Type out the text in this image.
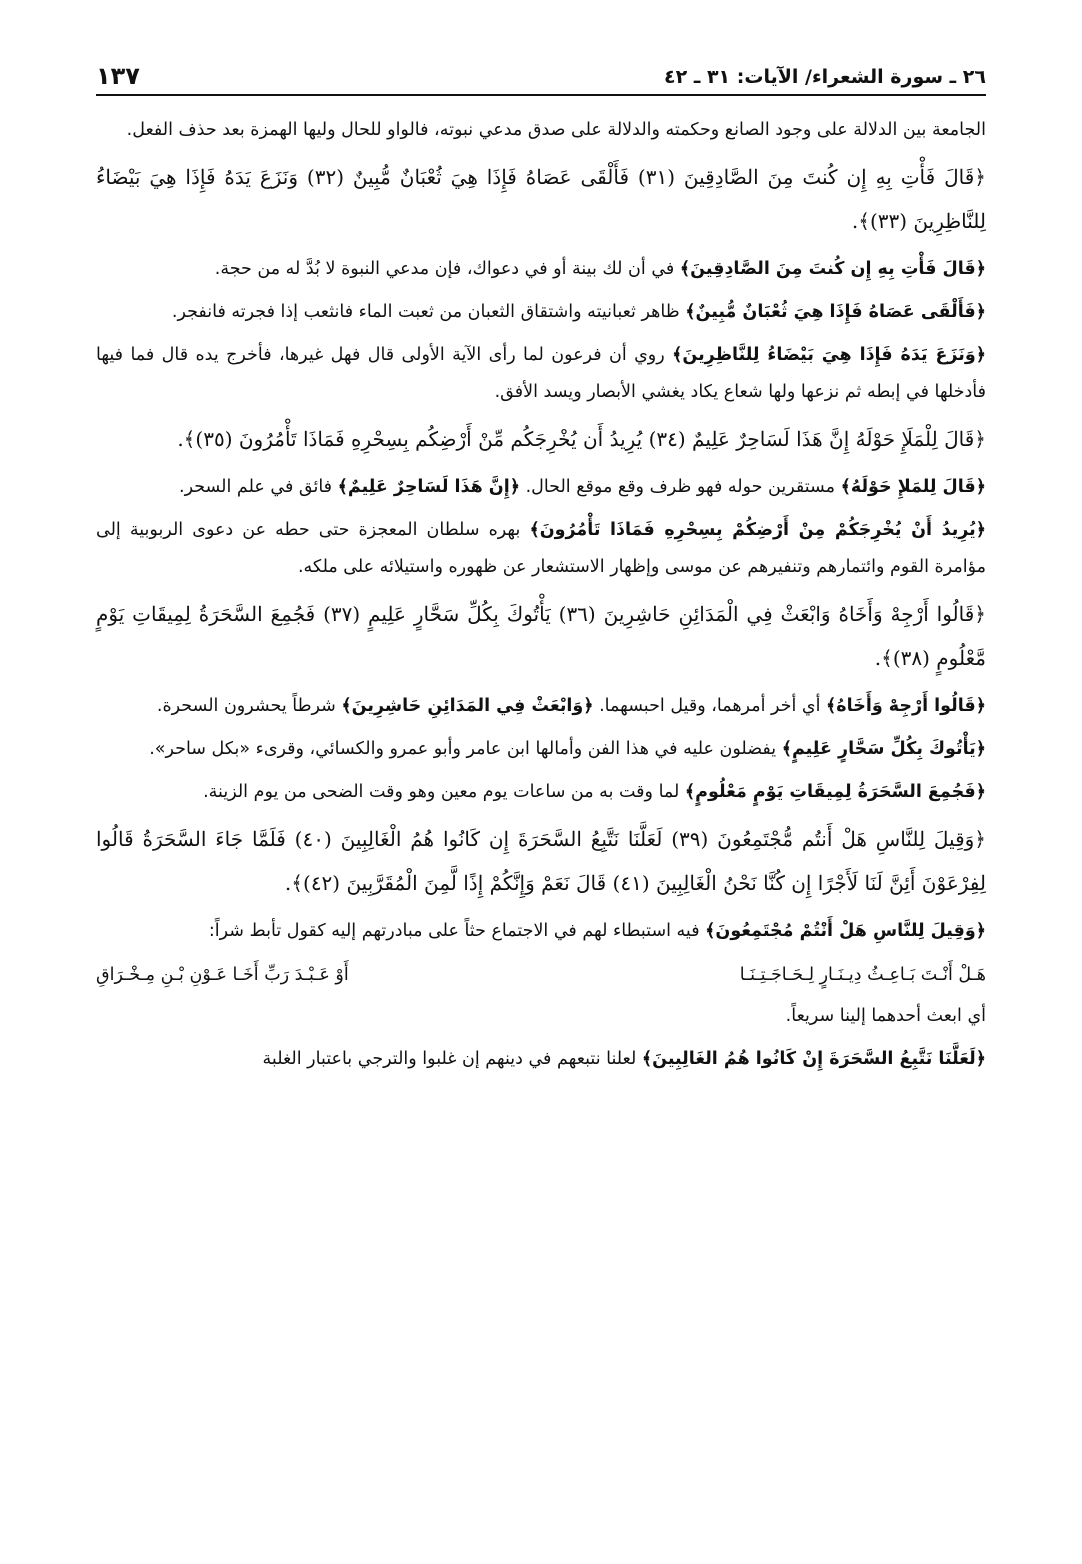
٢٦ ـ سورة الشعراء/ الآيات: ٣١ ـ ٤٢
١٣٧

الجامعة بين الدلالة على وجود الصانع وحكمته والدلالة على صدق مدعي نبوته، فالواو للحال وليها الهمزة بعد حذف الفعل.

﴿قَالَ فَأْتِ بِهِ إِن كُنتَ مِنَ الصَّادِقِينَ (٣١) فَأَلْقَى عَصَاهُ فَإِذَا هِيَ ثُعْبَانٌ مُّبِينٌ (٣٢) وَنَزَعَ يَدَهُ فَإِذَا هِيَ بَيْضَاءُ لِلنَّاظِرِينَ (٣٣)﴾.

﴿قَالَ فَأْتِ بِهِ إِن كُنتَ مِنَ الصَّادِقِينَ﴾ في أن لك بينة أو في دعواك، فإن مدعي النبوة لا بُدَّ له من حجة.

﴿فَأَلْقَى عَصَاهُ فَإِذَا هِيَ ثُعْبَانٌ مُّبِينٌ﴾ ظاهر ثعبانيته واشتقاق الثعبان من ثعبت الماء فانثعب إذا فجرته فانفجر.

﴿وَنَزَعَ يَدَهُ فَإِذَا هِيَ بَيْضَاءُ لِلنَّاظِرِينَ﴾ روي أن فرعون لما رأى الآية الأولى قال فهل غيرها، فأخرج يده قال فما فيها فأدخلها في إبطه ثم نزعها ولها شعاع يكاد يغشي الأبصار ويسد الأفق.

﴿قَالَ لِلْمَلَإِ حَوْلَهُ إِنَّ هَذَا لَسَاحِرٌ عَلِيمٌ (٣٤) يُرِيدُ أَن يُخْرِجَكُم مِّنْ أَرْضِكُم بِسِحْرِهِ فَمَاذَا تَأْمُرُونَ (٣٥)﴾.

﴿قَالَ لِلمَلإِ حَوْلَهُ﴾ مستقرين حوله فهو ظرف وقع موقع الحال. ﴿إِنَّ هَذَا لَسَاحِرٌ عَلِيمٌ﴾ فائق في علم السحر.

﴿يُرِيدُ أَنْ يُخْرِجَكُمْ مِنْ أَرْضِكُمْ بِسِحْرِهِ فَمَاذَا تَأْمُرُونَ﴾ بهره سلطان المعجزة حتى حطه عن دعوى الربوبية إلى مؤامرة القوم وائتمارهم وتنفيرهم عن موسى وإظهار الاستشعار عن ظهوره واستيلائه على ملكه.

﴿قَالُوا أَرْجِهْ وَأَخَاهُ وَابْعَثْ فِي الْمَدَائِنِ حَاشِرِينَ (٣٦) يَأْتُوكَ بِكُلِّ سَحَّارٍ عَلِيمٍ (٣٧) فَجُمِعَ السَّحَرَةُ لِمِيقَاتِ يَوْمٍ مَّعْلُومٍ (٣٨)﴾.

﴿قَالُوا أَرْجِهْ وَأَخَاهُ﴾ أي أخر أمرهما، وقيل احبسهما. ﴿وَابْعَثْ فِي المَدَائِنِ حَاشِرِينَ﴾ شرطاً يحشرون السحرة.

﴿يَأْتُوكَ بِكُلِّ سَحَّارٍ عَلِيمٍ﴾ يفضلون عليه في هذا الفن وأمالها ابن عامر وأبو عمرو والكسائي، وقرىء «بكل ساحر».

﴿فَجُمِعَ السَّحَرَةُ لِمِيقَاتِ يَوْمٍ مَعْلُومٍ﴾ لما وقت به من ساعات يوم معين وهو وقت الضحى من يوم الزينة.

﴿وَقِيلَ لِلنَّاسِ هَلْ أَنتُم مُّجْتَمِعُونَ (٣٩) لَعَلَّنَا نَتَّبِعُ السَّحَرَةَ إِن كَانُوا هُمُ الْغَالِبِينَ (٤٠) فَلَمَّا جَاءَ السَّحَرَةُ قَالُوا لِفِرْعَوْنَ أَئِنَّ لَنَا لَأَجْرًا إِن كُنَّا نَحْنُ الْغَالِبِينَ (٤١) قَالَ نَعَمْ وَإِنَّكُمْ إِذًا لَّمِنَ الْمُقَرَّبِينَ (٤٢)﴾.

﴿وَقِيلَ لِلنَّاسِ هَلْ أَنْتُمْ مُجْتَمِعُونَ﴾ فيه استبطاء لهم في الاجتماع حثاً على مبادرتهم إليه كقول تأبط شراً:

هَـلْ أَنْـتَ بَـاعِـثُ دِيـنَـارٍ لِـحَـاجَـتِـنَـا
أَوْ عَـبْـدَ رَبِّ أَخَـا عَـوْنِ بْـنِ مِـخْـرَاقِ

أي ابعث أحدهما إلينا سريعاً.

﴿لَعَلَّنَا نَتَّبِعُ السَّحَرَةَ إِنْ كَانُوا هُمُ الغَالِبِينَ﴾ لعلنا نتبعهم في دينهم إن غلبوا والترجي باعتبار الغلبة
